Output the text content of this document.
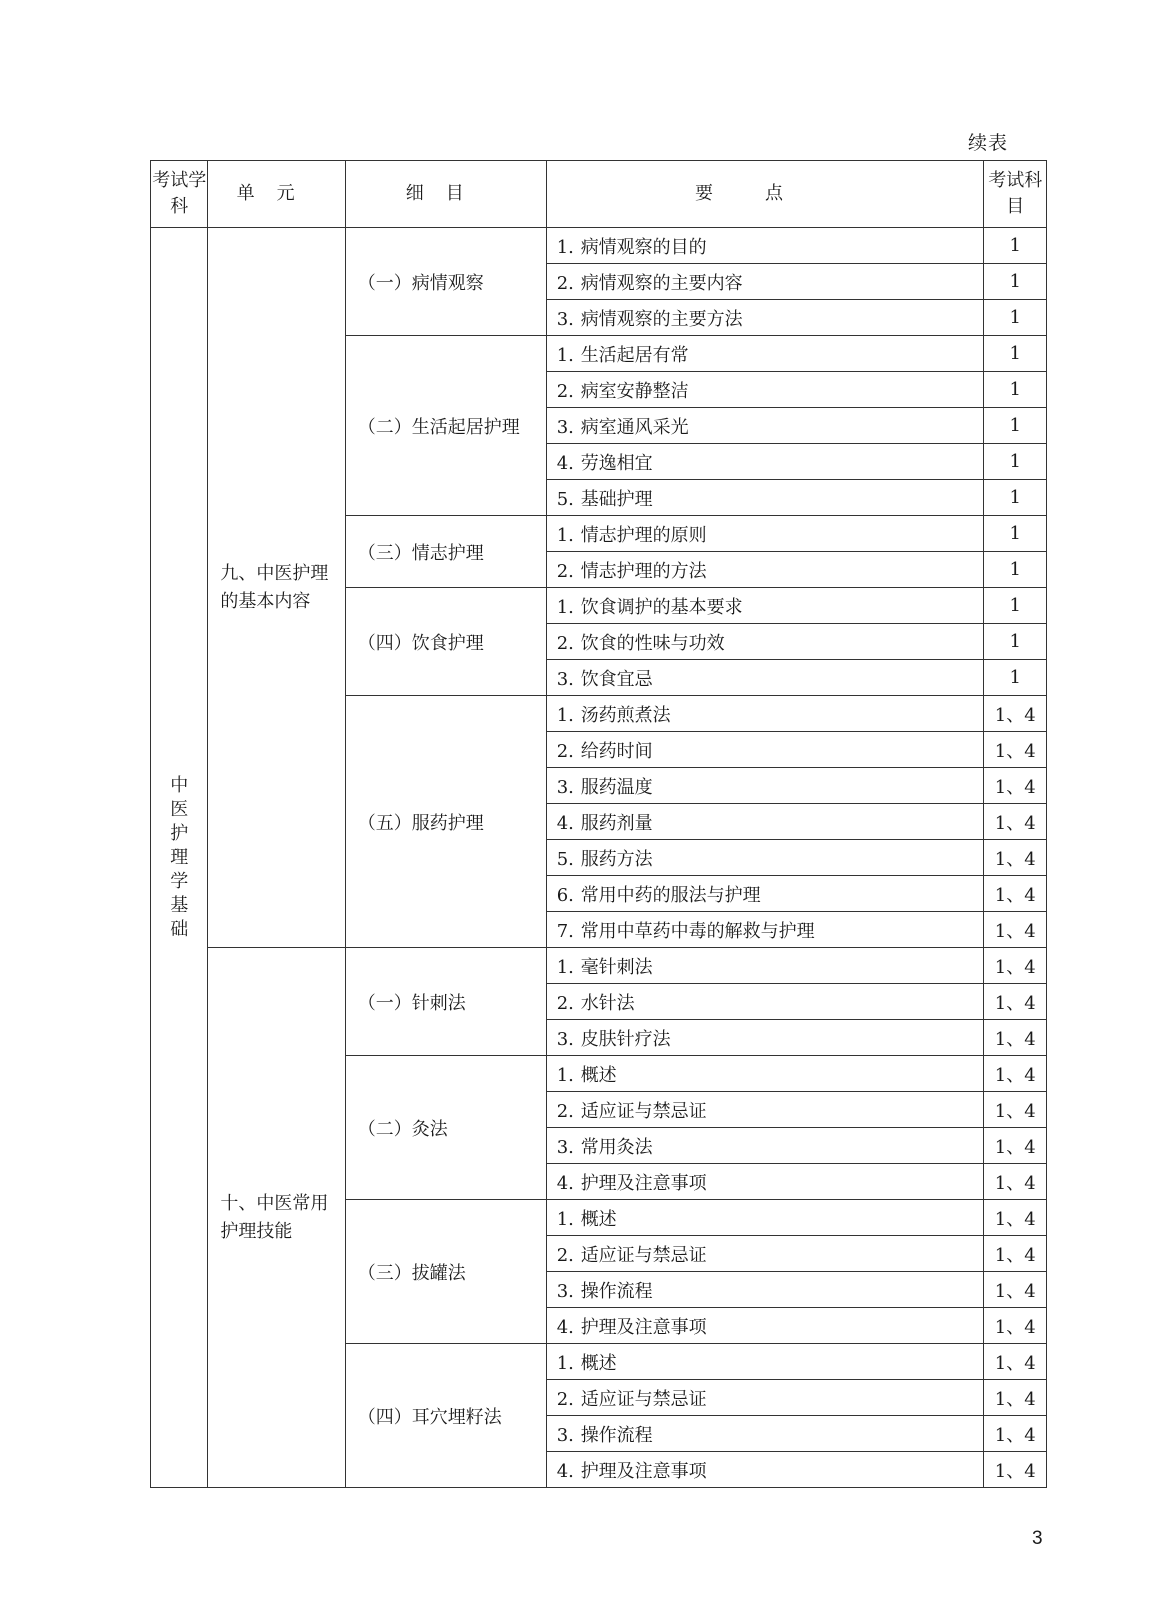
续表
考试学科	单元	细目	要点	考试科目
中医护理学基础	九、中医护理的基本内容	（一）病情观察	1. 病情观察的目的	1
			2. 病情观察的主要内容	1
			3. 病情观察的主要方法	1
		（二）生活起居护理	1. 生活起居有常	1
			2. 病室安静整洁	1
			3. 病室通风采光	1
			4. 劳逸相宜	1
			5. 基础护理	1
		（三）情志护理	1. 情志护理的原则	1
			2. 情志护理的方法	1
		（四）饮食护理	1. 饮食调护的基本要求	1
			2. 饮食的性味与功效	1
			3. 饮食宜忌	1
		（五）服药护理	1. 汤药煎煮法	1、4
			2. 给药时间	1、4
			3. 服药温度	1、4
			4. 服药剂量	1、4
			5. 服药方法	1、4
			6. 常用中药的服法与护理	1、4
			7. 常用中草药中毒的解救与护理	1、4

	十、中医常用护理技能	（一）针刺法	1. 毫针刺法	1、4
			2. 水针法	1、4
			3. 皮肤针疗法	1、4
		（二）灸法	1. 概述	1、4
			2. 适应证与禁忌证	1、4
			3. 常用灸法	1、4
			4. 护理及注意事项	1、4
		（三）拔罐法	1. 概述	1、4
			2. 适应证与禁忌证	1、4
			3. 操作流程	1、4
			4. 护理及注意事项	1、4
		（四）耳穴埋籽法	1. 概述	1、4
			2. 适应证与禁忌证	1、4
			3. 操作流程	1、4
			4. 护理及注意事项	1、4
3
